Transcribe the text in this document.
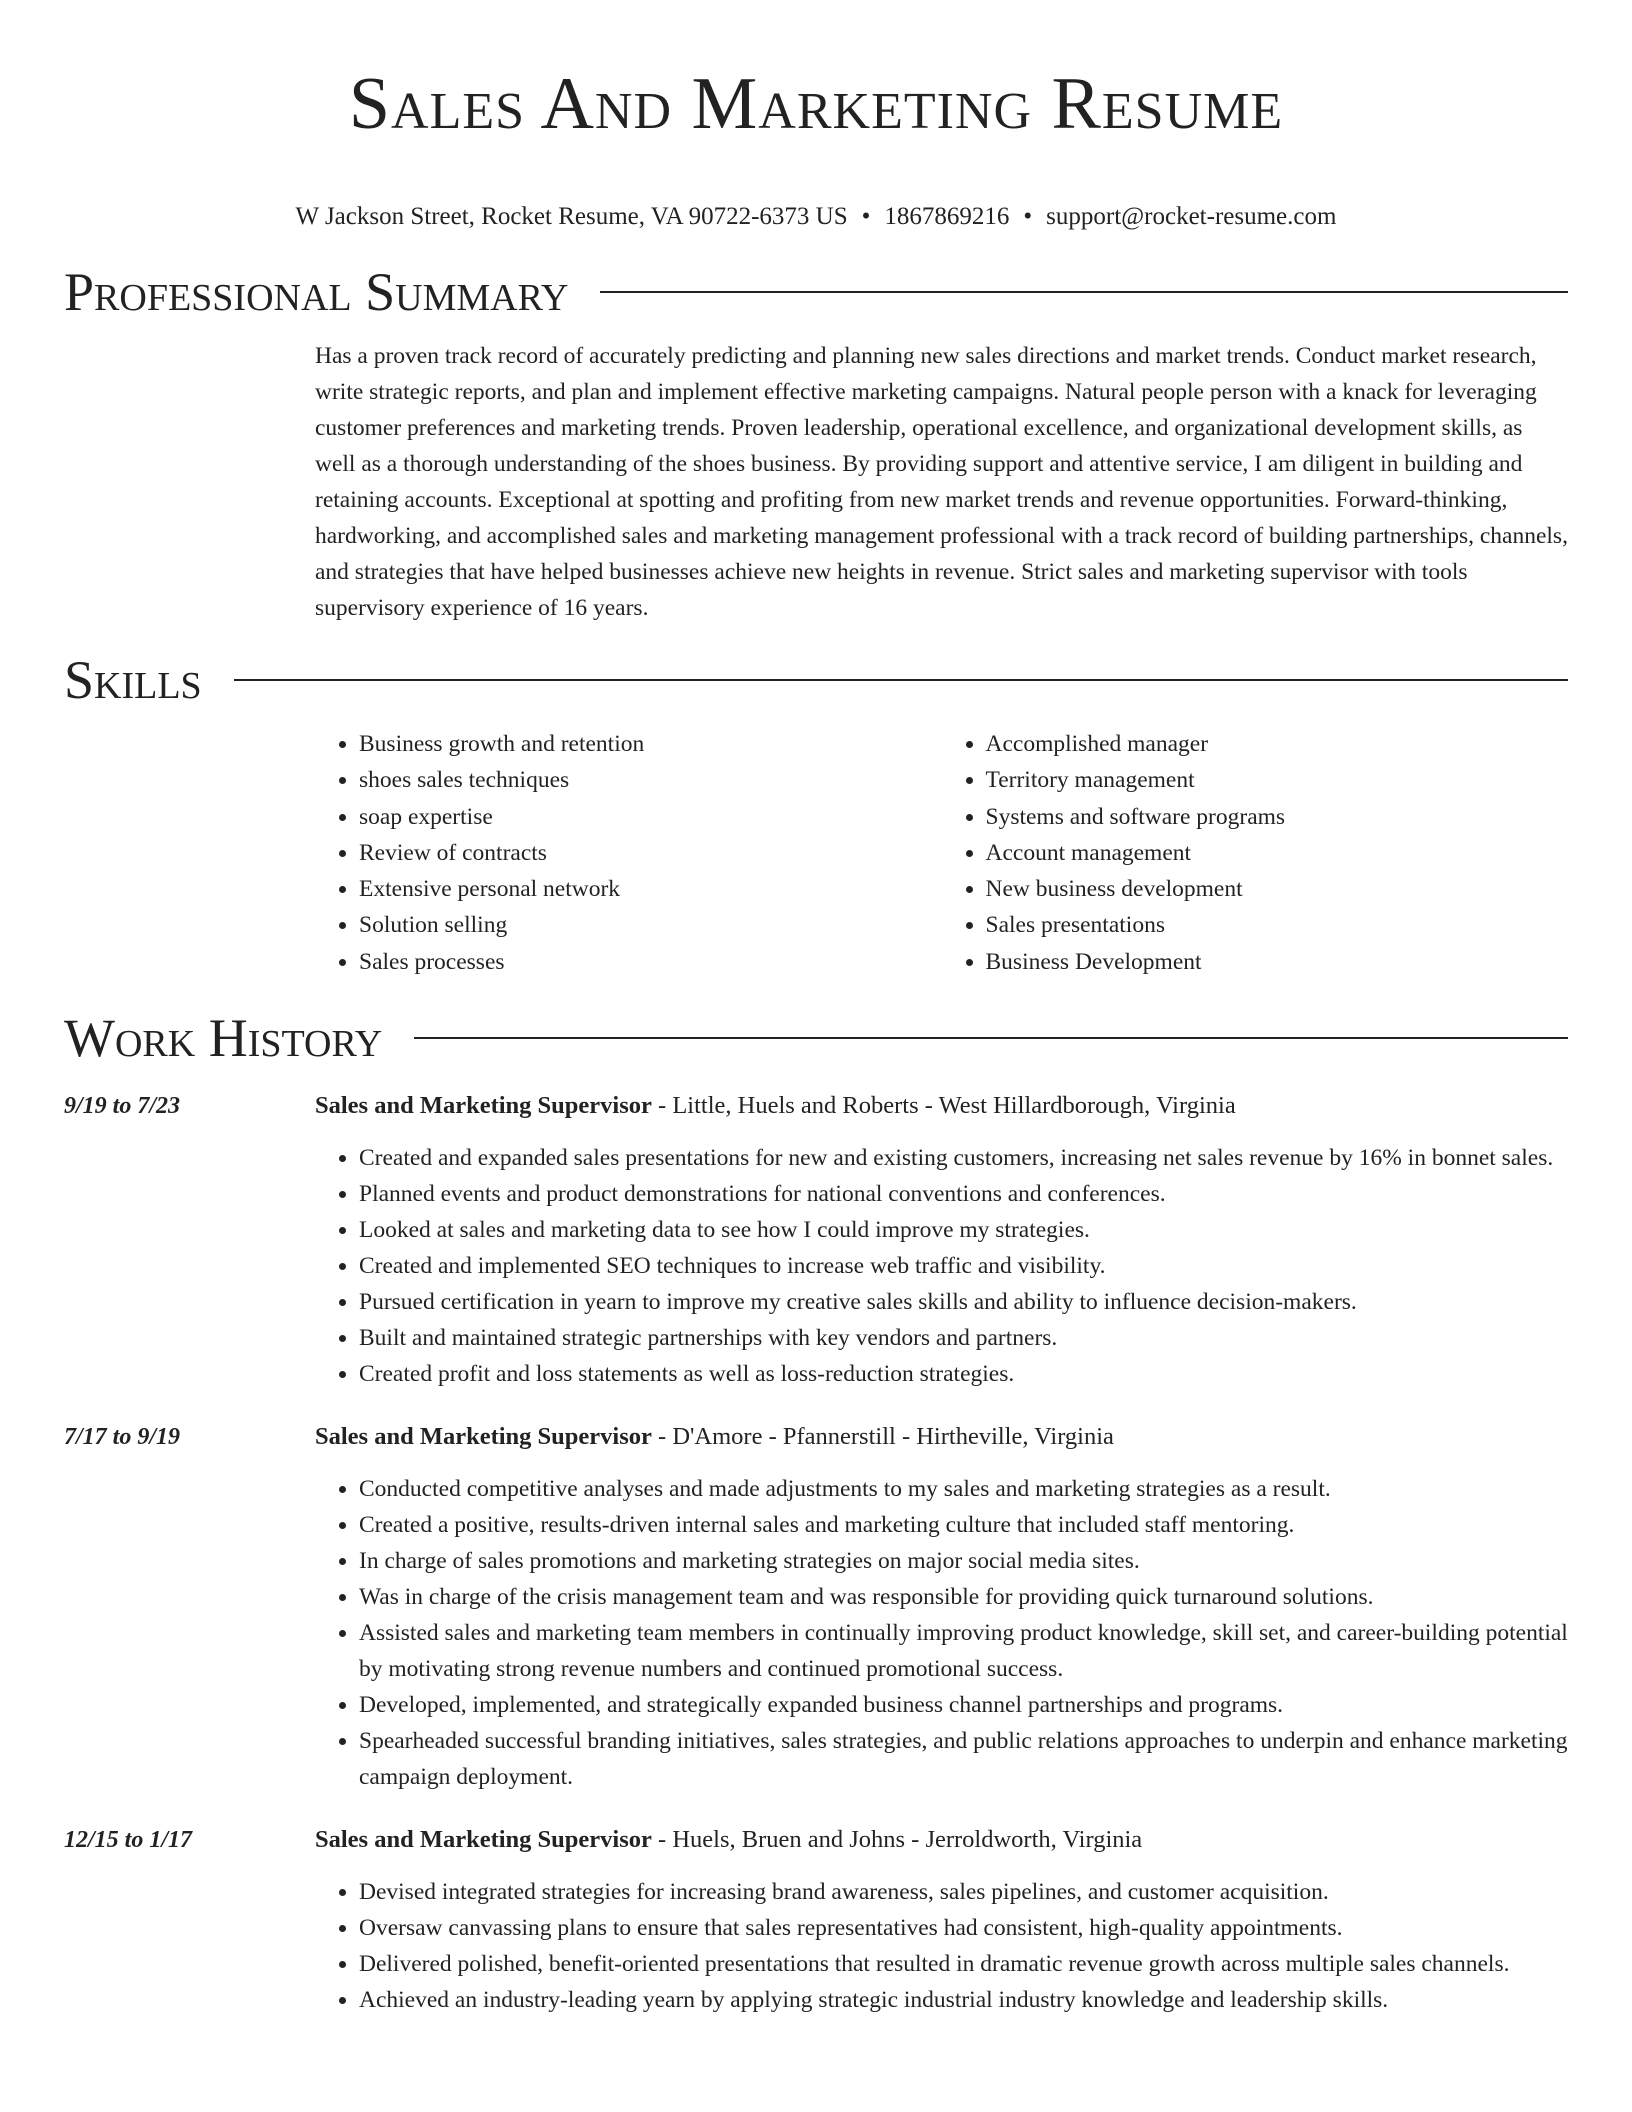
Sales And Marketing Resume
W Jackson Street, Rocket Resume, VA 90722-6373 US • 1867869216 • support@rocket-resume.com
Professional Summary
Has a proven track record of accurately predicting and planning new sales directions and market trends. Conduct market research, write strategic reports, and plan and implement effective marketing campaigns. Natural people person with a knack for leveraging customer preferences and marketing trends. Proven leadership, operational excellence, and organizational development skills, as well as a thorough understanding of the shoes business. By providing support and attentive service, I am diligent in building and retaining accounts. Exceptional at spotting and profiting from new market trends and revenue opportunities. Forward-thinking, hardworking, and accomplished sales and marketing management professional with a track record of building partnerships, channels, and strategies that have helped businesses achieve new heights in revenue. Strict sales and marketing supervisor with tools supervisory experience of 16 years.
Skills
• Business growth and retention
• shoes sales techniques
• soap expertise
• Review of contracts
• Extensive personal network
• Solution selling
• Sales processes
• Accomplished manager
• Territory management
• Systems and software programs
• Account management
• New business development
• Sales presentations
• Business Development
Work History
9/19 to 7/23	Sales and Marketing Supervisor - Little, Huels and Roberts - West Hillardborough, Virginia
• Created and expanded sales presentations for new and existing customers, increasing net sales revenue by 16% in bonnet sales.
• Planned events and product demonstrations for national conventions and conferences.
• Looked at sales and marketing data to see how I could improve my strategies.
• Created and implemented SEO techniques to increase web traffic and visibility.
• Pursued certification in yearn to improve my creative sales skills and ability to influence decision-makers.
• Built and maintained strategic partnerships with key vendors and partners.
• Created profit and loss statements as well as loss-reduction strategies.
7/17 to 9/19	Sales and Marketing Supervisor - D'Amore - Pfannerstill - Hirtheville, Virginia
• Conducted competitive analyses and made adjustments to my sales and marketing strategies as a result.
• Created a positive, results-driven internal sales and marketing culture that included staff mentoring.
• In charge of sales promotions and marketing strategies on major social media sites.
• Was in charge of the crisis management team and was responsible for providing quick turnaround solutions.
• Assisted sales and marketing team members in continually improving product knowledge, skill set, and career-building potential by motivating strong revenue numbers and continued promotional success.
• Developed, implemented, and strategically expanded business channel partnerships and programs.
• Spearheaded successful branding initiatives, sales strategies, and public relations approaches to underpin and enhance marketing campaign deployment.
12/15 to 1/17	Sales and Marketing Supervisor - Huels, Bruen and Johns - Jerroldworth, Virginia
• Devised integrated strategies for increasing brand awareness, sales pipelines, and customer acquisition.
• Oversaw canvassing plans to ensure that sales representatives had consistent, high-quality appointments.
• Delivered polished, benefit-oriented presentations that resulted in dramatic revenue growth across multiple sales channels.
• Achieved an industry-leading yearn by applying strategic industrial industry knowledge and leadership skills.
